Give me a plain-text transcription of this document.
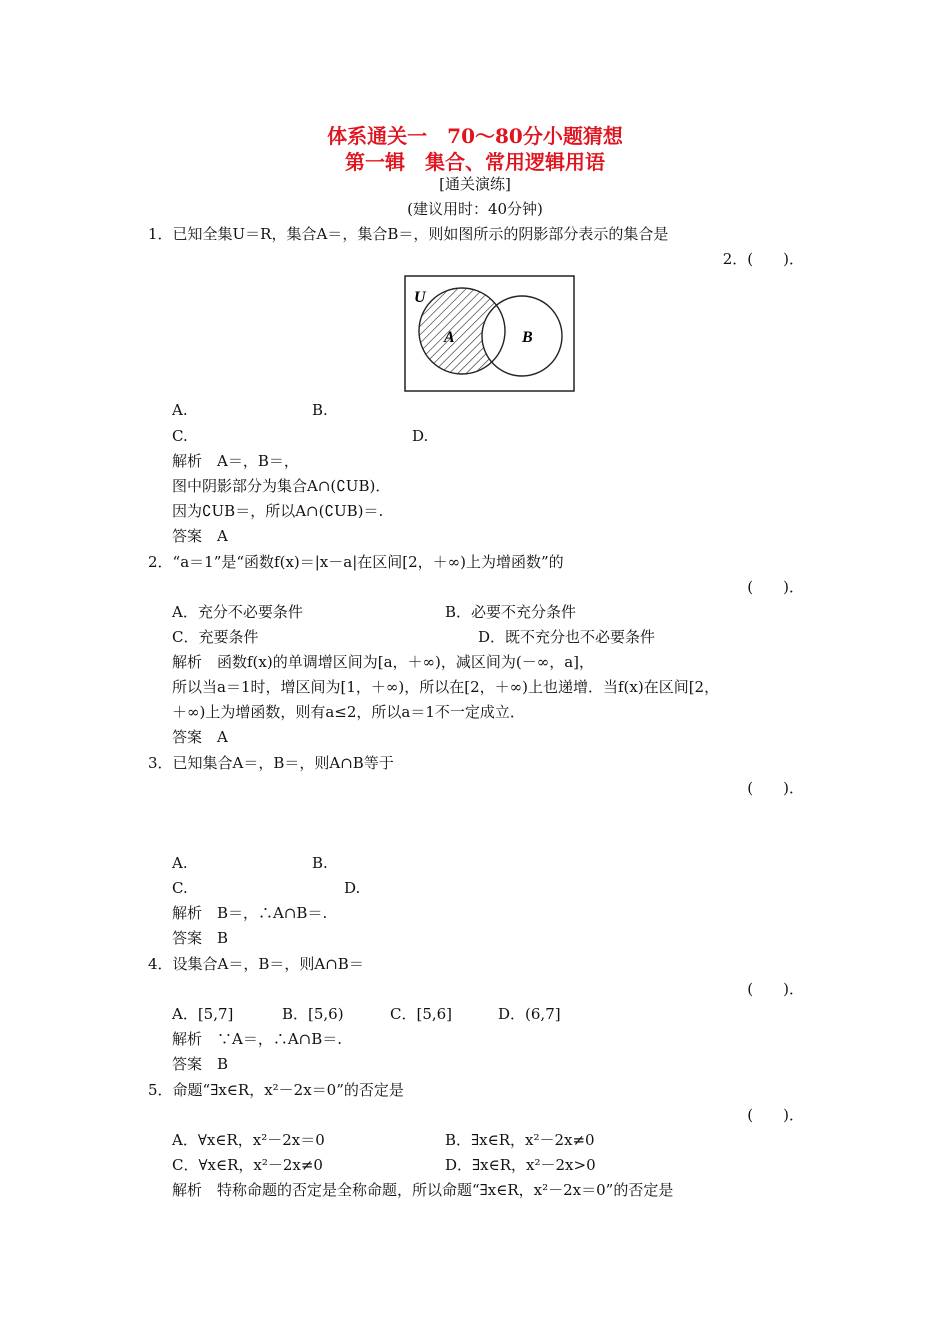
体系通关一　70～80分小题猜想
第一辑　集合、常用逻辑用语
[通关演练]
(建议用时：40分钟)
1．已知全集U＝R，集合A＝，集合B＝，则如图所示的阴影部分表示的集合是
2．(　　)．
U
A	B
A.	B.
C.	D.
解析　A＝，B＝，
图中阴影部分为集合A∩(∁UB)．
因为∁UB＝，所以A∩(∁UB)＝.
答案　A
2．“a＝1”是“函数f(x)＝|x－a|在区间[2，＋∞)上为增函数”的
(　　)．
A．充分不必要条件	B．必要不充分条件
C．充要条件	D．既不充分也不必要条件
解析　函数f(x)的单调增区间为[a，＋∞)，减区间为(－∞，a]，
所以当a＝1时，增区间为[1，＋∞)，所以在[2，＋∞)上也递增．当f(x)在区间[2，
＋∞)上为增函数，则有a≤2，所以a＝1不一定成立．
答案　A
3．已知集合A＝，B＝，则A∩B等于
(　　)．
A.	B.
C.	D.
解析　B＝，∴A∩B＝.
答案　B
4．设集合A＝，B＝，则A∩B＝
(　　)．
A．[5,7]	B．[5,6)	C．[5,6]	D．(6,7]
解析　∵A＝，∴A∩B＝.
答案　B
5．命题“∃x∈R，x²－2x＝0”的否定是
(　　)．
A．∀x∈R，x²－2x＝0	B．∃x∈R，x²－2x≠0
C．∀x∈R，x²－2x≠0	D．∃x∈R，x²－2x>0
解析　特称命题的否定是全称命题，所以命题“∃x∈R，x²－2x＝0”的否定是
